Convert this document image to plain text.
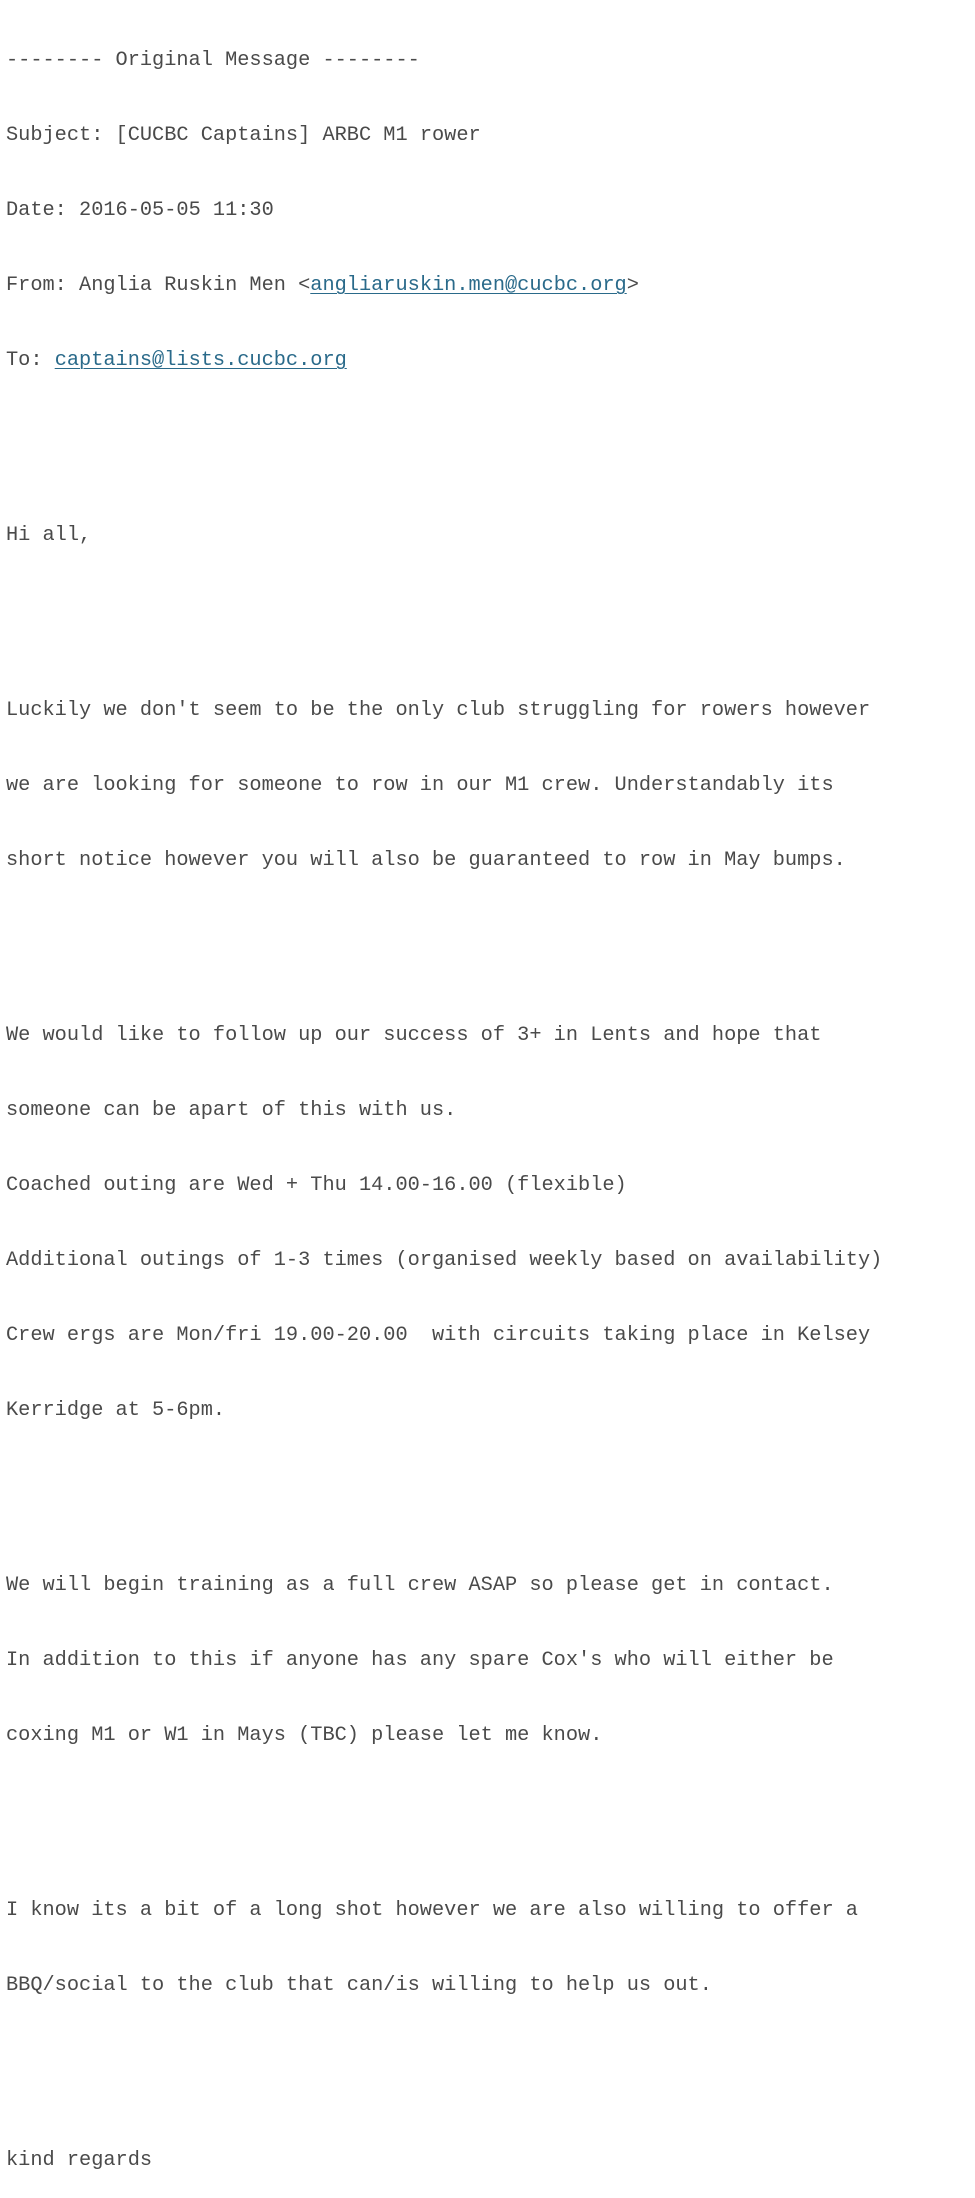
-------- Original Message --------

Subject: [CUCBC Captains] ARBC M1 rower

Date: 2016-05-05 11:30

From: Anglia Ruskin Men <angliaruskin.men@cucbc.org>

To: captains@lists.cucbc.org

Hi all,

Luckily we don't seem to be the only club struggling for rowers however

we are looking for someone to row in our M1 crew. Understandably its

short notice however you will also be guaranteed to row in May bumps.

We would like to follow up our success of 3+ in Lents and hope that

someone can be apart of this with us.

Coached outing are Wed + Thu 14.00-16.00 (flexible)

Additional outings of 1-3 times (organised weekly based on availability)

Crew ergs are Mon/fri 19.00-20.00  with circuits taking place in Kelsey

Kerridge at 5-6pm.

We will begin training as a full crew ASAP so please get in contact.

In addition to this if anyone has any spare Cox's who will either be

coxing M1 or W1 in Mays (TBC) please let me know.

I know its a bit of a long shot however we are also willing to offer a

BBQ/social to the club that can/is willing to help us out.

kind regards
